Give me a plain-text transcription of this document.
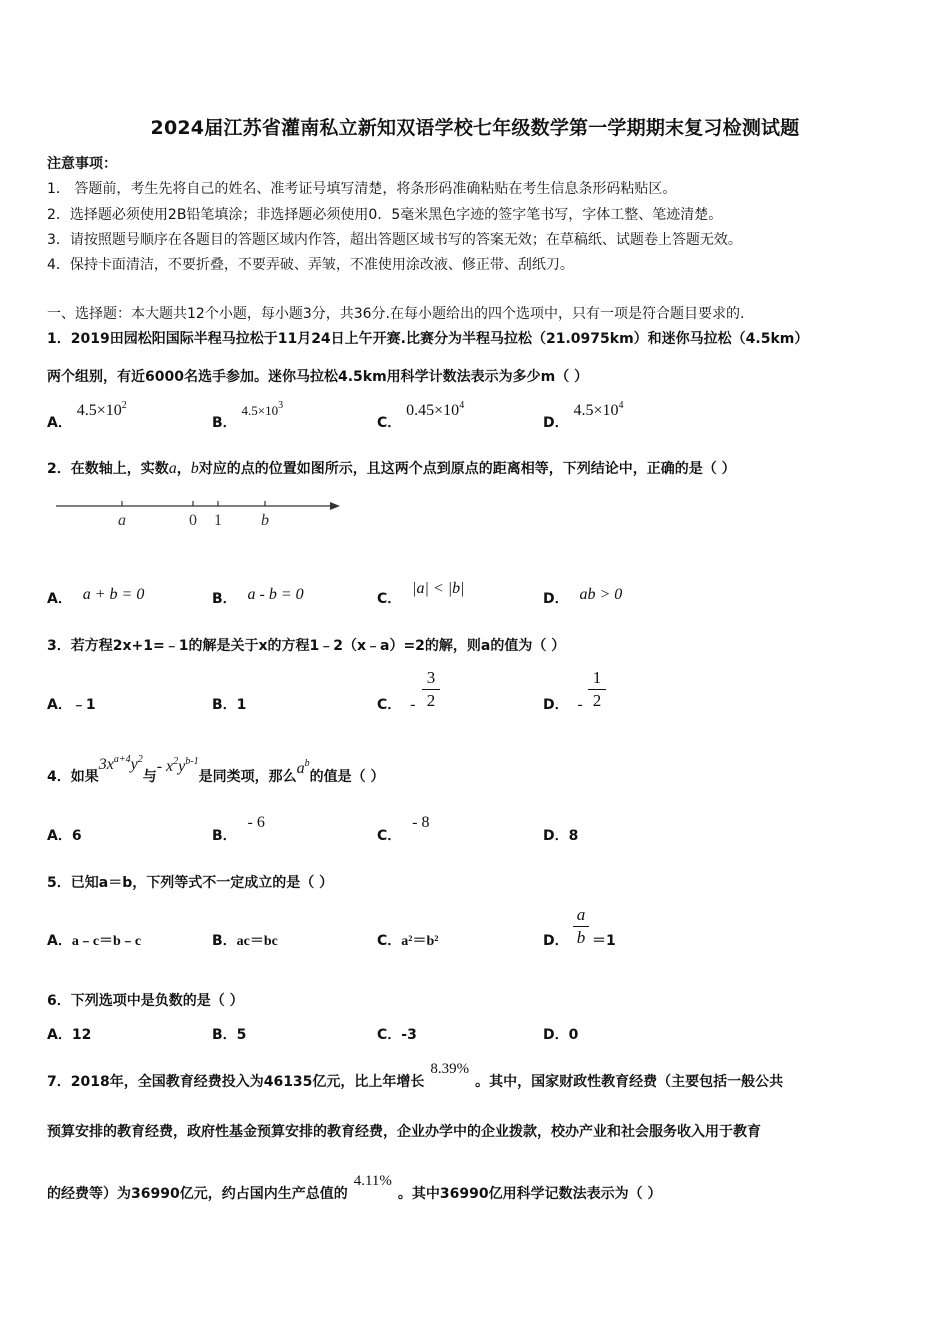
2024届江苏省灌南私立新知双语学校七年级数学第一学期期末复习检测试题
注意事项：
1． 答题前，考生先将自己的姓名、准考证号填写清楚，将条形码准确粘贴在考生信息条形码粘贴区。
2．选择题必须使用2B铅笔填涂；非选择题必须使用0．5毫米黑色字迹的签字笔书写，字体工整、笔迹清楚。
3．请按照题号顺序在各题目的答题区域内作答，超出答题区域书写的答案无效；在草稿纸、试题卷上答题无效。
4．保持卡面清洁，不要折叠，不要弄破、弄皱，不准使用涂改液、修正带、刮纸刀。
一、选择题：本大题共12个小题，每小题3分，共36分.在每小题给出的四个选项中，只有一项是符合题目要求的.
1．2019田园松阳国际半程马拉松于11月24日上午开赛.比赛分为半程马拉松（21.0975km）和迷你马拉松（4.5km）
两个组别，有近6000名选手参加。迷你马拉松4.5km用科学计数法表示为多少m（ ）
A． $4.5\times 10^2$
B． $4.5\times 10^3$
C． $0.45\times 10^4$
D． $4.5\times 10^4$
2．在数轴上，实数a，b对应的点的位置如图所示，且这两个点到原点的距离相等，下列结论中，正确的是（ ）
a	0 1 b
A． a + b = 0	B． a - b = 0	C． |a| < |b|
D． ab > 0
3．若方程2x+1=﹣1的解是关于x的方程1﹣2（x﹣a）=2的解，则a的值为（ ）
A．﹣1	B．1	C． -
3
2	D． -
1
2
4．如果$3x^{a+4}y^2$与- $x^2y^{b-1}$是同类项，那么$a^b$的值是（ ）
A．6	B． - 6
C． - 8
D．8
5．已知a＝b，下列等式不一定成立的是（ ）
A．a﹣c＝b﹣c	B．ac＝bc	C．a²＝b²	D．
a
b ＝1
6．下列选项中是负数的是（ ）
A．12	B．5	C．-3	D．0
7．2018年，全国教育经费投入为46135亿元，比上年增长8.39%。其中，国家财政性教育经费（主要包括一般公共
预算安排的教育经费，政府性基金预算安排的教育经费，企业办学中的企业拨款，校办产业和社会服务收入用于教育
的经费等）为36990亿元，约占国内生产总值的4.11%。其中36990亿用科学记数法表示为（ ）
